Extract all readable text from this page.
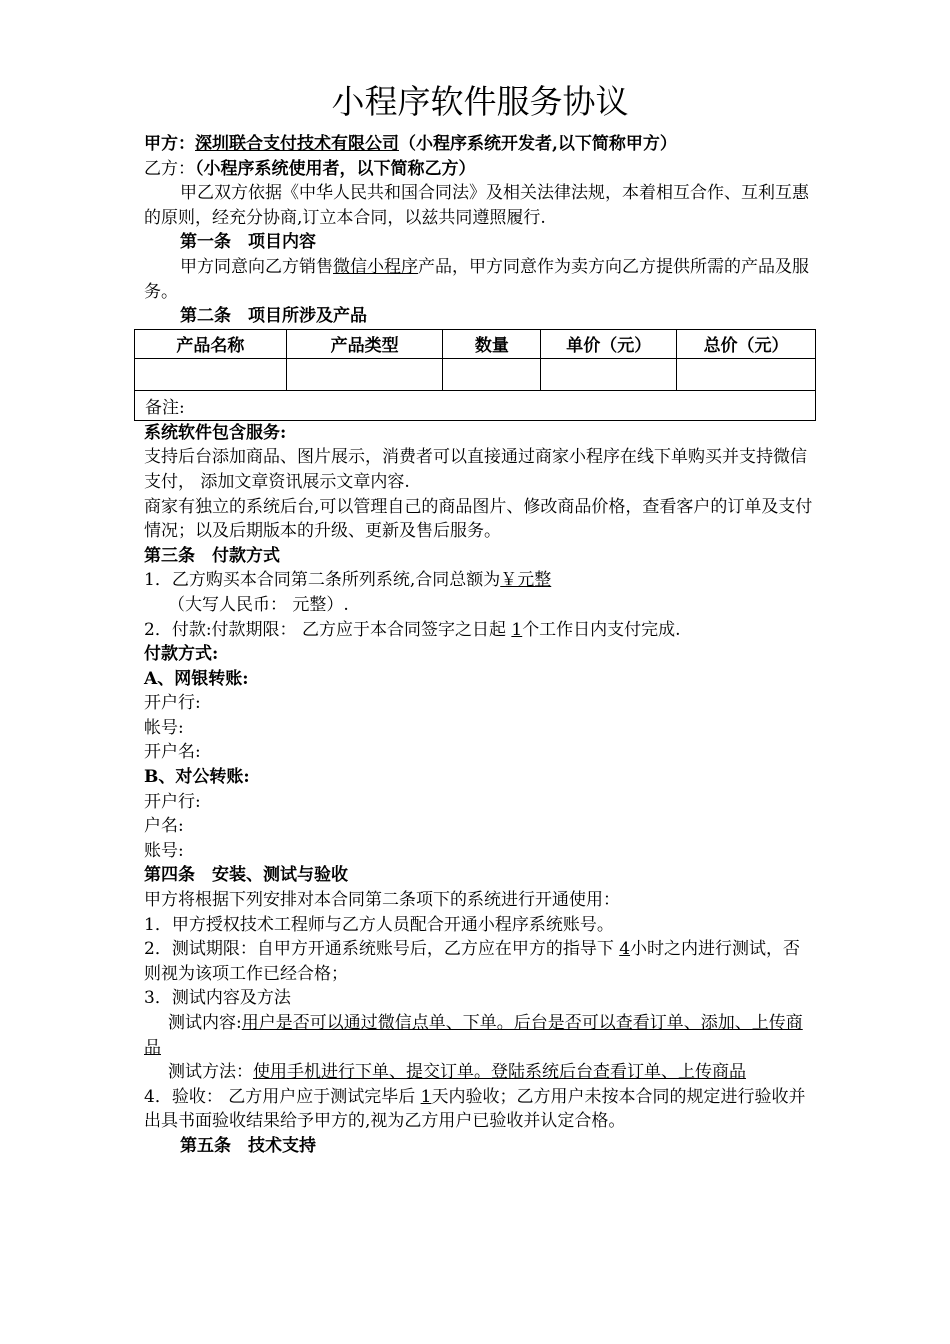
小程序软件服务协议
甲方：深圳联合支付技术有限公司（小程序系统开发者,以下简称甲方）
乙方：（小程序系统使用者，以下简称乙方）
甲乙双方依据《中华人民共和国合同法》及相关法律法规，本着相互合作、互利互惠的原则，经充分协商,订立本合同，以兹共同遵照履行.
第一条　项目内容
甲方同意向乙方销售微信小程序产品，甲方同意作为卖方向乙方提供所需的产品及服务。
第二条　项目所涉及产品
产品名称	产品类型	数量	单价（元）	总价（元）

备注:				
系统软件包含服务:
支持后台添加商品、图片展示，消费者可以直接通过商家小程序在线下单购买并支持微信支付， 添加文章资讯展示文章内容.
商家有独立的系统后台,可以管理自己的商品图片、修改商品价格，查看客户的订单及支付情况；以及后期版本的升级、更新及售后服务。
第三条　付款方式
1．乙方购买本合同第二条所列系统,合同总额为￥元整
（大写人民币： 元整）.
2．付款:付款期限： 乙方应于本合同签字之日起 1个工作日内支付完成.
付款方式:
A、网银转账:
开户行:
帐号:
开户名:
B、对公转账:
开户行:
户名:
账号:
第四条　安装、测试与验收
甲方将根据下列安排对本合同第二条项下的系统进行开通使用：
1．甲方授权技术工程师与乙方人员配合开通小程序系统账号。
2．测试期限：自甲方开通系统账号后，乙方应在甲方的指导下 4小时之内进行测试，否则视为该项工作已经合格；
3．测试内容及方法
测试内容:用户是否可以通过微信点单、下单。后台是否可以查看订单、添加、上传商品
测试方法：使用手机进行下单、提交订单。登陆系统后台查看订单、上传商品
4．验收： 乙方用户应于测试完毕后 1天内验收；乙方用户未按本合同的规定进行验收并出具书面验收结果给予甲方的,视为乙方用户已验收并认定合格。
第五条　技术支持
